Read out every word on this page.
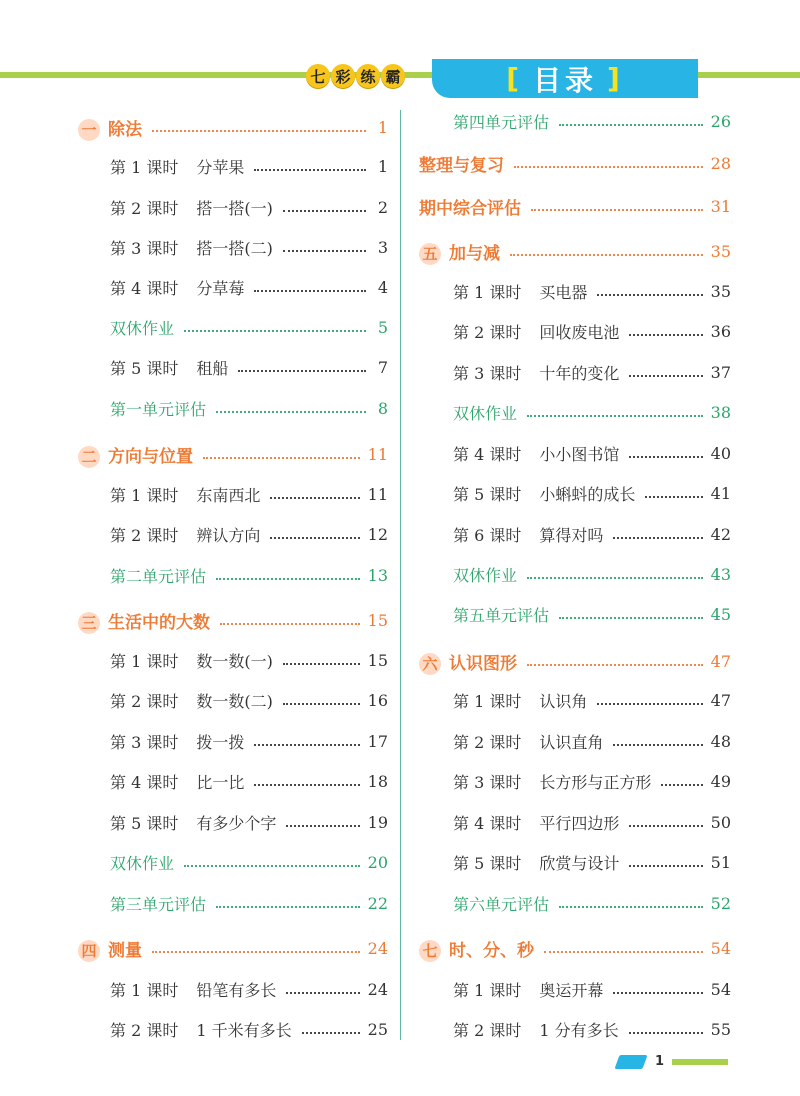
七 彩 练 霸	[ 目录 ]
一 除法	1
第 1 课时 分苹果	1
第 2 课时 搭一搭(一)	2
第 3 课时 搭一搭(二)	3
第 4 课时 分草莓	4
双休作业	5
第 5 课时 租船	7
第一单元评估	8
二 方向与位置	11
第 1 课时 东南西北	11
第 2 课时 辨认方向	12
第二单元评估	13
三 生活中的大数	15
第 1 课时 数一数(一)	15
第 2 课时 数一数(二)	16
第 3 课时 拨一拨	17
第 4 课时 比一比	18
第 5 课时 有多少个字	19
双休作业	20
第三单元评估	22
四 测量	24
第 1 课时 铅笔有多长	24
第 2 课时 1 千米有多长	25
第四单元评估	26
整理与复习	28
期中综合评估	31
五 加与减	35
第 1 课时 买电器	35
第 2 课时 回收废电池	36
第 3 课时 十年的变化	37
双休作业	38
第 4 课时 小小图书馆	40
第 5 课时 小蝌蚪的成长	41
第 6 课时 算得对吗	42
双休作业	43
第五单元评估	45
六 认识图形	47
第 1 课时 认识角	47
第 2 课时 认识直角	48
第 3 课时 长方形与正方形	49
第 4 课时 平行四边形	50
第 5 课时 欣赏与设计	51
第六单元评估	52
七 时、分、秒	54
第 1 课时 奥运开幕	54
第 2 课时 1 分有多长	55
1
